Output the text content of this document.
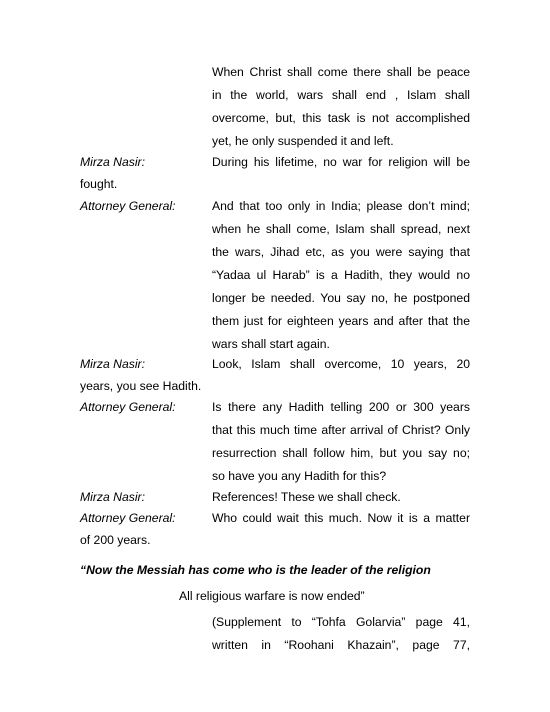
When Christ shall come there shall be peace
in the world, wars shall end , Islam shall
overcome, but, this task is not accomplished
yet, he only suspended it and left.
Mirza Nasir:	During his lifetime, no war for religion will be
fought.
Attorney General:	And that too only in India; please don’t mind;
when he shall come, Islam shall spread, next
the wars, Jihad etc, as you were saying that
“Yadaa ul Harab” is a Hadith, they would no
longer be needed. You say no, he postponed
them just for eighteen years and after that the
wars shall start again.
Mirza Nasir:	Look, Islam shall overcome, 10 years, 20
years, you see Hadith.
Attorney General:	Is there any Hadith telling 200 or 300 years
that this much time after arrival of Christ? Only
resurrection shall follow him, but you say no;
so have you any Hadith for this?
Mirza Nasir:	References! These we shall check.
Attorney General:	Who could wait this much. Now it is a matter
of 200 years.
“Now the Messiah has come who is the leader of the religion
All religious warfare is now ended”
(Supplement to “Tohfa Golarvia” page 41,
written in “Roohani Khazain”, page 77,
